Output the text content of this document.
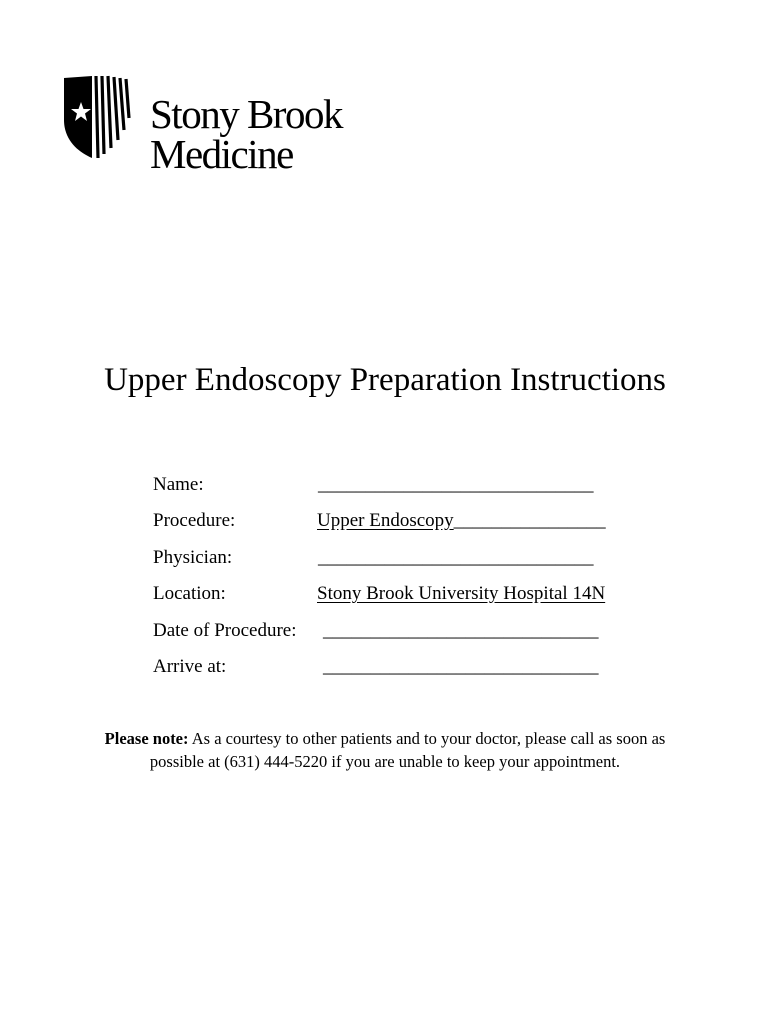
Stony Brook
Medicine
Upper Endoscopy Preparation Instructions
Name:	_____________________________
Procedure:	Upper Endoscopy________________
Physician:	_____________________________
Location:	Stony Brook University Hospital 14N
Date of Procedure: _____________________________
Arrive at:	_____________________________
Please note: As a courtesy to other patients and to your doctor, please call as soon as possible at (631) 444-5220 if you are unable to keep your appointment.
